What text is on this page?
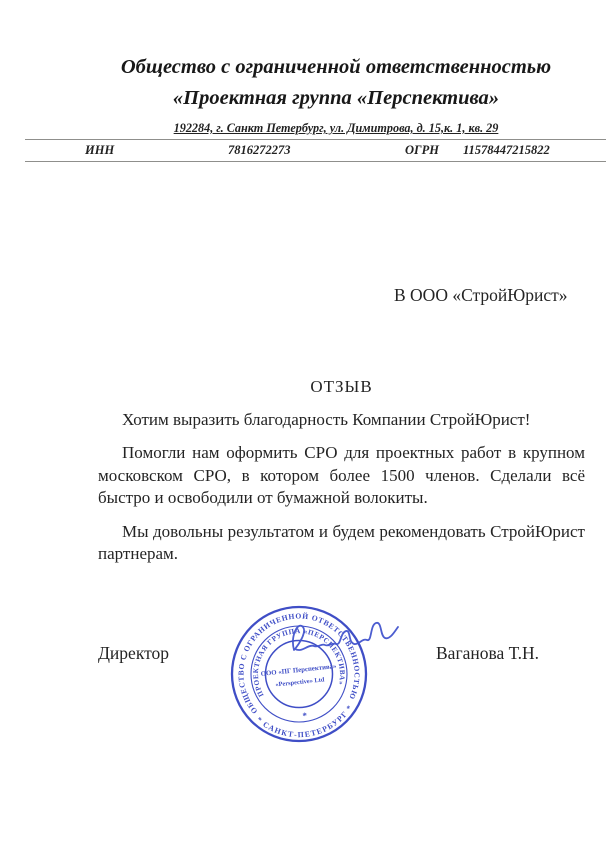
Общество с ограниченной ответственностью
«Проектная группа «Перспектива»
192284, г. Санкт Петербург, ул. Димитрова, д. 15,к. 1, кв. 29
ИНН	7816272273	ОГРН 11578447215822
В ООО «СтройЮрист»
ОТЗЫВ

Хотим выразить благодарность Компании СтройЮрист!

Помогли нам оформить СРО для проектных работ в крупном московском СРО, в котором более 1500 членов. Сделали всё быстро и освободили от бумажной волокиты.

Мы довольны результатом и будем рекомендовать СтройЮрист партнерам.

Директор	Ваганова Т.Н.
ОБЩЕСТВО С ОГРАНИЧЕННОЙ ОТВЕТСТВЕННОСТЬЮ
* САНКТ-ПЕТЕРБУРГ *
ПРОЕКТНАЯ ГРУППА «ПЕРСПЕКТИВА»
*
ООО «ПГ Перспектива»
«Perspective» Ltd
